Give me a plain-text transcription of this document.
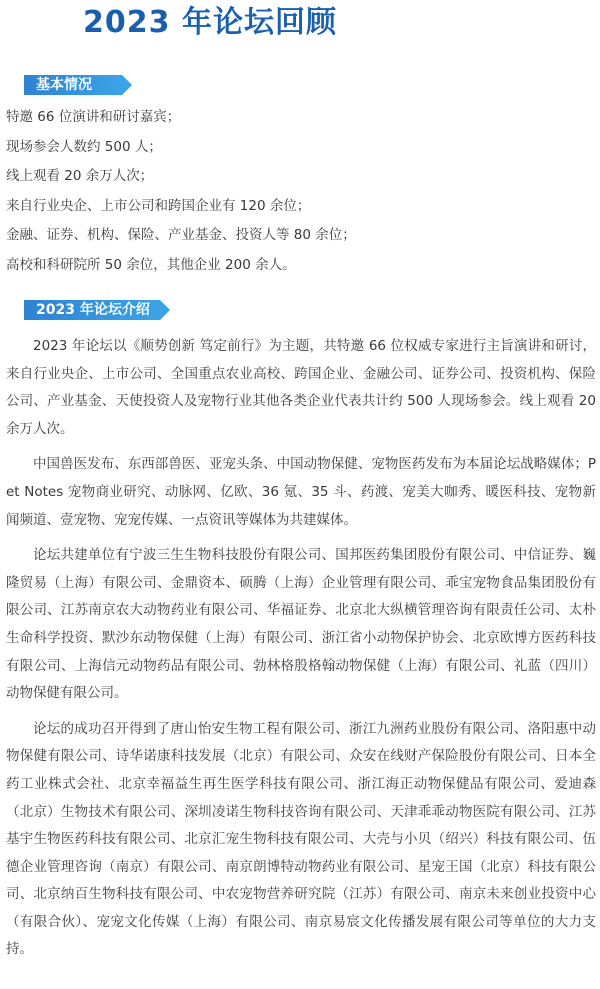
2023 年论坛回顾
基本情况
特邀 66 位演讲和研讨嘉宾；
现场参会人数约 500 人；
线上观看 20 余万人次；
来自行业央企、上市公司和跨国企业有 120 余位；
金融、证券、机构、保险、产业基金、投资人等 80 余位；
高校和科研院所 50 余位，其他企业 200 余人。
2023 年论坛介绍

2023 年论坛以《顺势创新 笃定前行》为主题，共特邀 66 位权威专家进行主旨演讲和研讨，来自行业央企、上市公司、全国重点农业高校、跨国企业、金融公司、证券公司、投资机构、保险公司、产业基金、天使投资人及宠物行业其他各类企业代表共计约 500 人现场参会。线上观看 20 余万人次。

中国兽医发布、东西部兽医、亚宠头条、中国动物保健、宠物医药发布为本届论坛战略媒体；Pet Notes 宠物商业研究、动脉网、亿欧、36 氪、35 斗、药渡、宠美大咖秀、暖医科技、宠物新闻频道、壹宠物、宠宠传媒、一点资讯等媒体为共建媒体。

论坛共建单位有宁波三生生物科技股份有限公司、国邦医药集团股份有限公司、中信证券、巍隆贸易（上海）有限公司、金鼎资本、硕腾（上海）企业管理有限公司、乖宝宠物食品集团股份有限公司、江苏南京农大动物药业有限公司、华福证券、北京北大纵横管理咨询有限责任公司、太朴生命科学投资、默沙东动物保健（上海）有限公司、浙江省小动物保护协会、北京欧博方医药科技有限公司、上海信元动物药品有限公司、勃林格殷格翰动物保健（上海）有限公司、礼蓝（四川）动物保健有限公司。

论坛的成功召开得到了唐山怡安生物工程有限公司、浙江九洲药业股份有限公司、洛阳惠中动物保健有限公司、诗华诺康科技发展（北京）有限公司、众安在线财产保险股份有限公司、日本全药工业株式会社、北京幸福益生再生医学科技有限公司、浙江海正动物保健品有限公司、爱迪森（北京）生物技术有限公司、深圳凌诺生物科技咨询有限公司、天津乖乖动物医院有限公司、江苏基宇生物医药科技有限公司、北京汇宠生物科技有限公司、大壳与小贝（绍兴）科技有限公司、伍德企业管理咨询（南京）有限公司、南京朗博特动物药业有限公司、星宠王国（北京）科技有限公司、北京纳百生物科技有限公司、中农宠物营养研究院（江苏）有限公司、南京未来创业投资中心（有限合伙）、宠宠文化传媒（上海）有限公司、南京易宸文化传播发展有限公司等单位的大力支持。
